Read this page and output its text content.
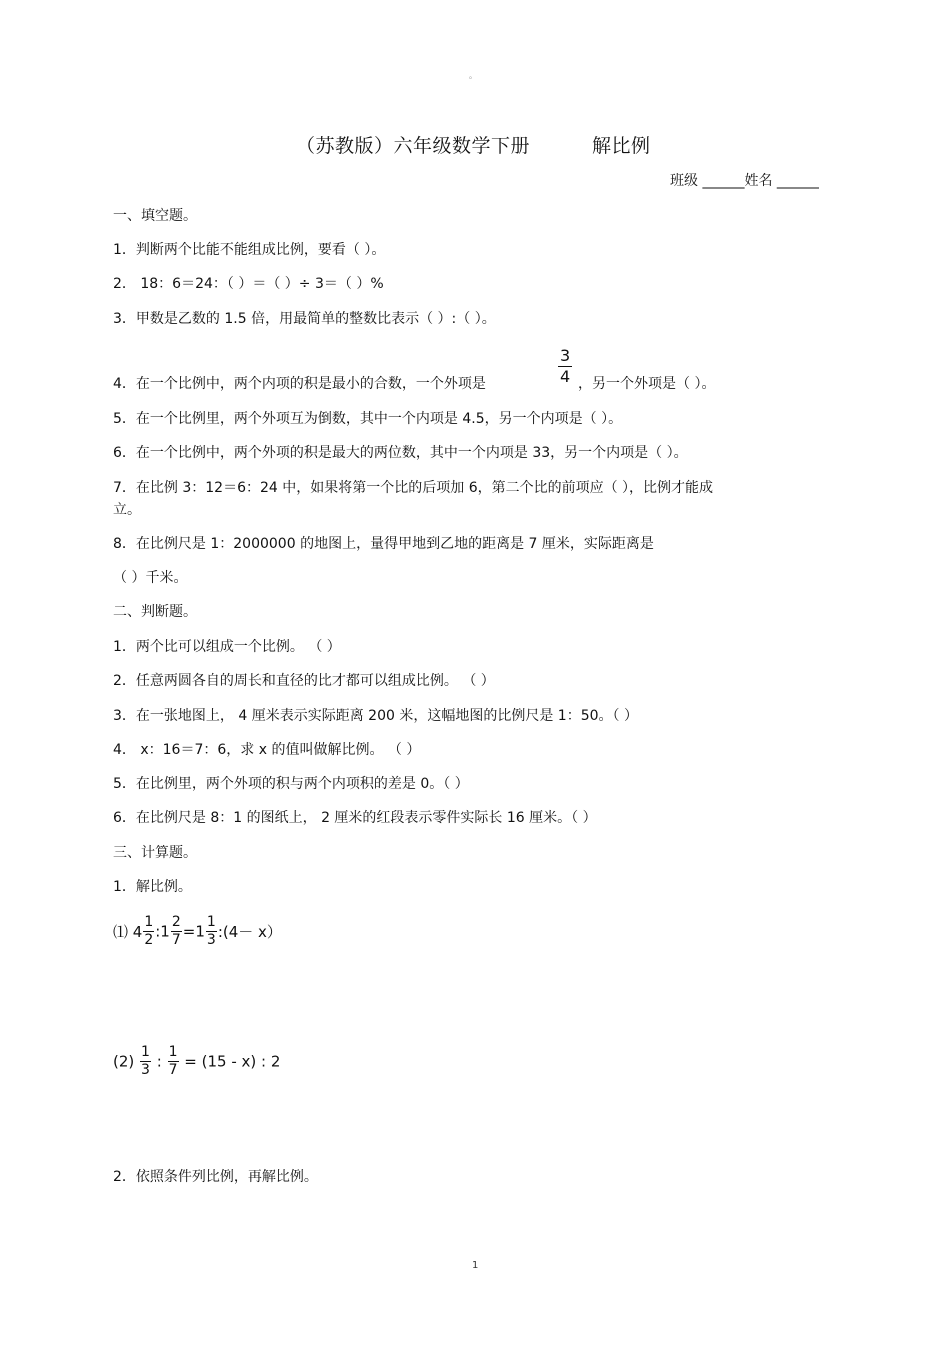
。
（苏教版）六年级数学下册	解比例
班级 ______姓名 ______
一、填空题。
1．判断两个比能不能组成比例，要看（ ）。
2． 18：6＝24：（ ）＝（ ）÷ 3＝（ ）%
3．甲数是乙数的 1.5 倍，用最简单的整数比表示（ ）:（ ）。
4．在一个比例中，两个内项的积是最小的合数，一个外项是	$\frac{3}{4}$ ，另一个外项是（ ）。
5．在一个比例里，两个外项互为倒数，其中一个内项是 4.5，另一个内项是（ ）。
6．在一个比例中，两个外项的积是最大的两位数，其中一个内项是 33，另一个内项是（ ）。
7．在比例 3：12＝6：24 中，如果将第一个比的后项加 6，第二个比的前项应（ ），比例才能成
立。
8．在比例尺是 1：2000000 的地图上，量得甲地到乙地的距离是 7 厘米，实际距离是
（ ）千米。
二、判断题。
1．两个比可以组成一个比例。 （ ）
2．任意两圆各自的周长和直径的比才都可以组成比例。 （ ）
3．在一张地图上， 4 厘米表示实际距离 200 米，这幅地图的比例尺是 1：50。（ ）
4． x：16＝7：6，求 x 的值叫做解比例。 （ ）
5．在比例里，两个外项的积与两个内项积的差是 0。（ ）
6．在比例尺是 8：1 的图纸上， 2 厘米的红段表示零件实际长 16 厘米。（ ）
三、计算题。
1．解比例。
⑴ $4 \frac{1}{2}$ :1 $\frac{2}{7} =1 \frac{1}{3}$ :(4－ x）
$(2) \frac{1}{3}$ : $\frac{1}{7} = (15 - x)$ : 2
2．依照条件列比例，再解比例。
1
